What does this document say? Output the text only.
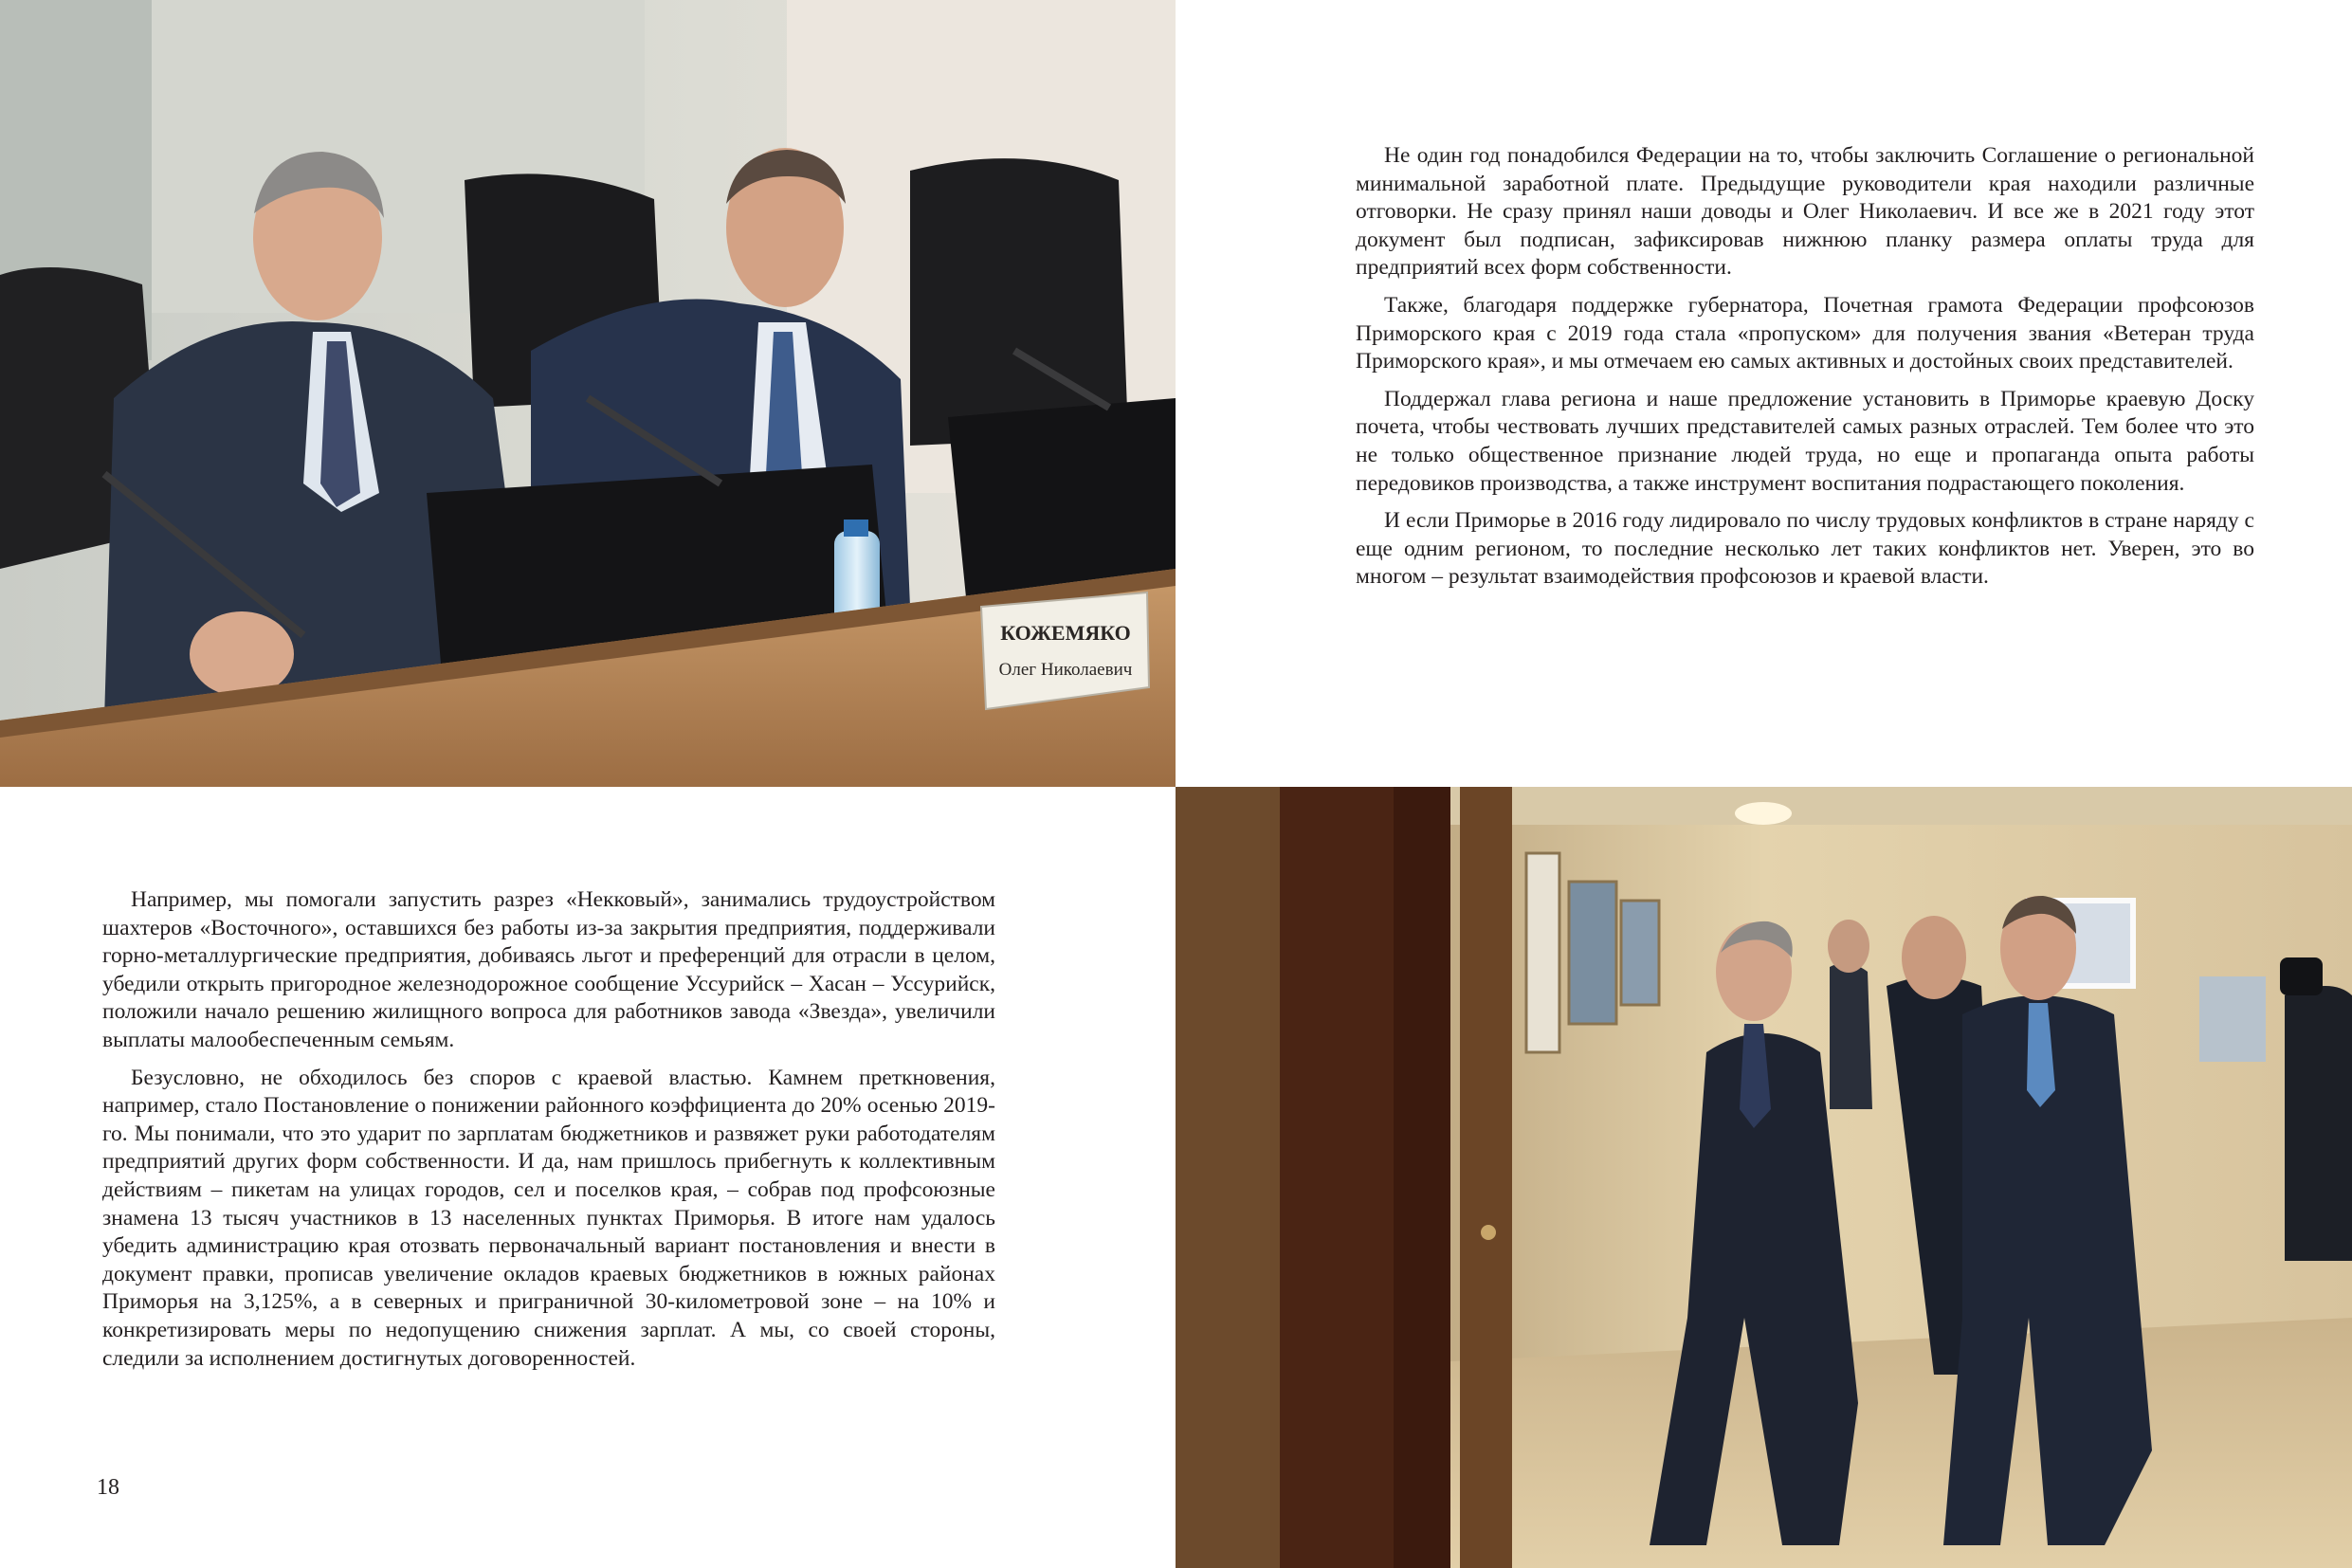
КОЖЕМЯКО
Олег Николаевич

Не один год понадобился Федерации на то, чтобы заключить Соглашение о региональной минимальной заработной плате. Предыдущие руководители края находили различные отговорки. Не сразу принял наши доводы и Олег Николаевич. И все же в 2021 году этот документ был подписан, зафиксировав нижнюю планку размера оплаты труда для предприятий всех форм собственности.

Также, благодаря поддержке губернатора, Почетная грамота Федерации профсоюзов Приморского края с 2019 года стала «пропуском» для получения звания «Ветеран труда Приморского края», и мы отмечаем ею самых активных и достойных своих представителей.

Поддержал глава региона и наше предложение установить в Приморье краевую Доску почета, чтобы чествовать лучших представителей самых разных отраслей. Тем более что это не только общественное признание людей труда, но еще и пропаганда опыта работы передовиков производства, а также инструмент воспитания подрастающего поколения.

И если Приморье в 2016 году лидировало по числу трудовых конфликтов в стране наряду с еще одним регионом, то последние несколько лет таких конфликтов нет. Уверен, это во многом – результат взаимодействия профсоюзов и краевой власти.

Например, мы помогали запустить разрез «Некковый», занимались трудоустройством шахтеров «Восточного», оставшихся без работы из-за закрытия предприятия, поддерживали горно-металлургические предприятия, добиваясь льгот и преференций для отрасли в целом, убедили открыть пригородное железнодорожное сообщение Уссурийск – Хасан – Уссурийск, положили начало решению жилищного вопроса для работников завода «Звезда», увеличили выплаты малообеспеченным семьям.

Безусловно, не обходилось без споров с краевой властью. Камнем преткновения, например, стало Постановление о понижении районного коэффициента до 20% осенью 2019-го. Мы понимали, что это ударит по зарплатам бюджетников и развяжет руки работодателям предприятий других форм собственности. И да, нам пришлось прибегнуть к коллективным действиям – пикетам на улицах городов, сел и поселков края, – собрав под профсоюзные знамена 13 тысяч участников в 13 населенных пунктах Приморья. В итоге нам удалось убедить администрацию края отозвать первоначальный вариант постановления и внести в документ правки, прописав увеличение окладов краевых бюджетников в южных районах Приморья на 3,125%, а в северных и приграничной 30-километровой зоне – на 10% и конкретизировать меры по недопущению снижения зарплат. А мы, со своей стороны, следили за исполнением достигнутых договоренностей.

18
